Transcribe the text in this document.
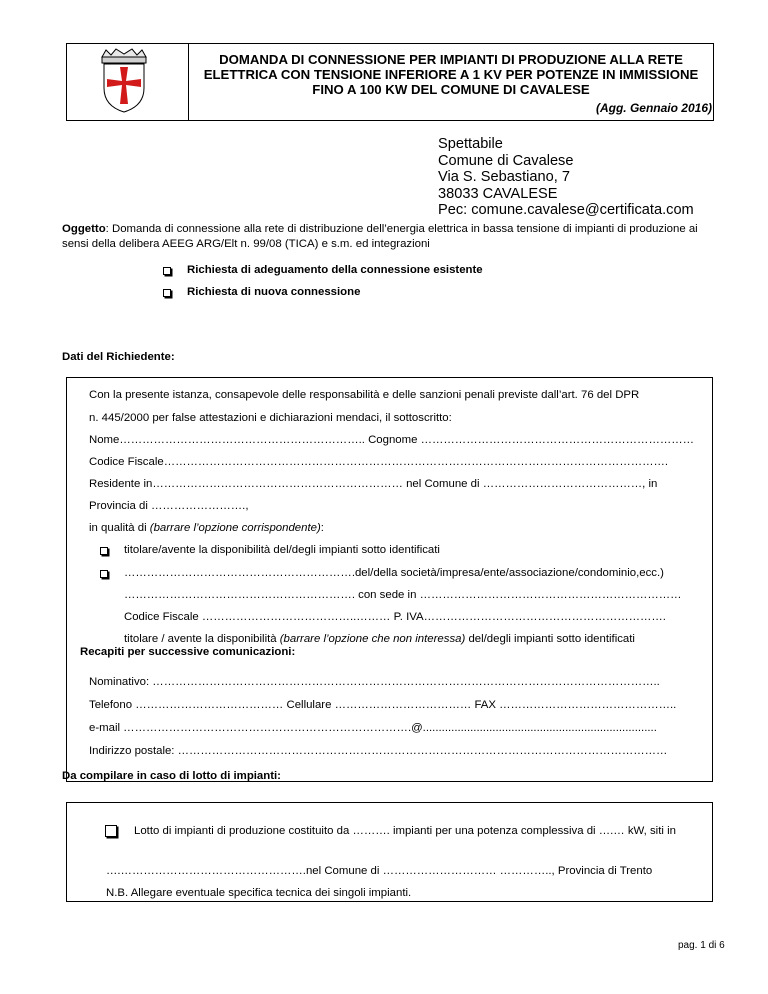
DOMANDA DI CONNESSIONE PER IMPIANTI DI PRODUZIONE ALLA RETE ELETTRICA CON TENSIONE INFERIORE A 1 KV PER POTENZE IN IMMISSIONE FINO A 100 KW DEL COMUNE DI CAVALESE
(Agg. Gennaio 2016)
Spettabile
Comune di Cavalese
Via S. Sebastiano, 7
38033 CAVALESE
Pec: comune.cavalese@certificata.com
Oggetto: Domanda di connessione alla rete di distribuzione dell’energia elettrica in bassa tensione di impianti di produzione ai sensi della delibera AEEG ARG/Elt n. 99/08 (TICA) e s.m. ed integrazioni
Richiesta di adeguamento della connessione esistente
Richiesta di nuova connessione
Dati del Richiedente:
Con la presente istanza, consapevole delle responsabilità e delle sanzioni penali previste dall’art. 76 del DPR
n. 445/2000 per false attestazioni e dichiarazioni mendaci, il sottoscritto:
Nome……………………………………………………….. Cognome ………………………………………………………………
Codice Fiscale…………………………………………………………………………………………………………………….
Residente in………………………………………………………… nel Comune di ……………………………………, in
Provincia di …………………….,
in qualità di (barrare l’opzione corrispondente):
titolare/avente la disponibilità del/degli impianti sotto identificati
…………………………………………………….del/della società/impresa/ente/associazione/condominio,ecc.)
……………………………………………………. con sede in ……………………………………………………………
Codice Fiscale …………………………………..……… P. IVA……………………………………………………….
titolare / avente la disponibilità (barrare l’opzione che non interessa) del/degli impianti sotto identificati
Recapiti per successive comunicazioni:
Nominativo: ……………………………………………………………………………………………………………………..
Telefono ………………………………… Cellulare ……………………………… FAX ………………………………………..
e-mail ………………………………………………………………….@..........................................................................
Indirizzo postale: …………………………………………………………………………………………………………………
Da compilare in caso di lotto di impianti:
Lotto di impianti di produzione costituito da ………. impianti per una potenza complessiva di ….… kW, siti in
….………………………………………….nel Comune di ………………………… ………….., Provincia di Trento
N.B. Allegare eventuale specifica tecnica dei singoli impianti.
pag. 1 di 6
